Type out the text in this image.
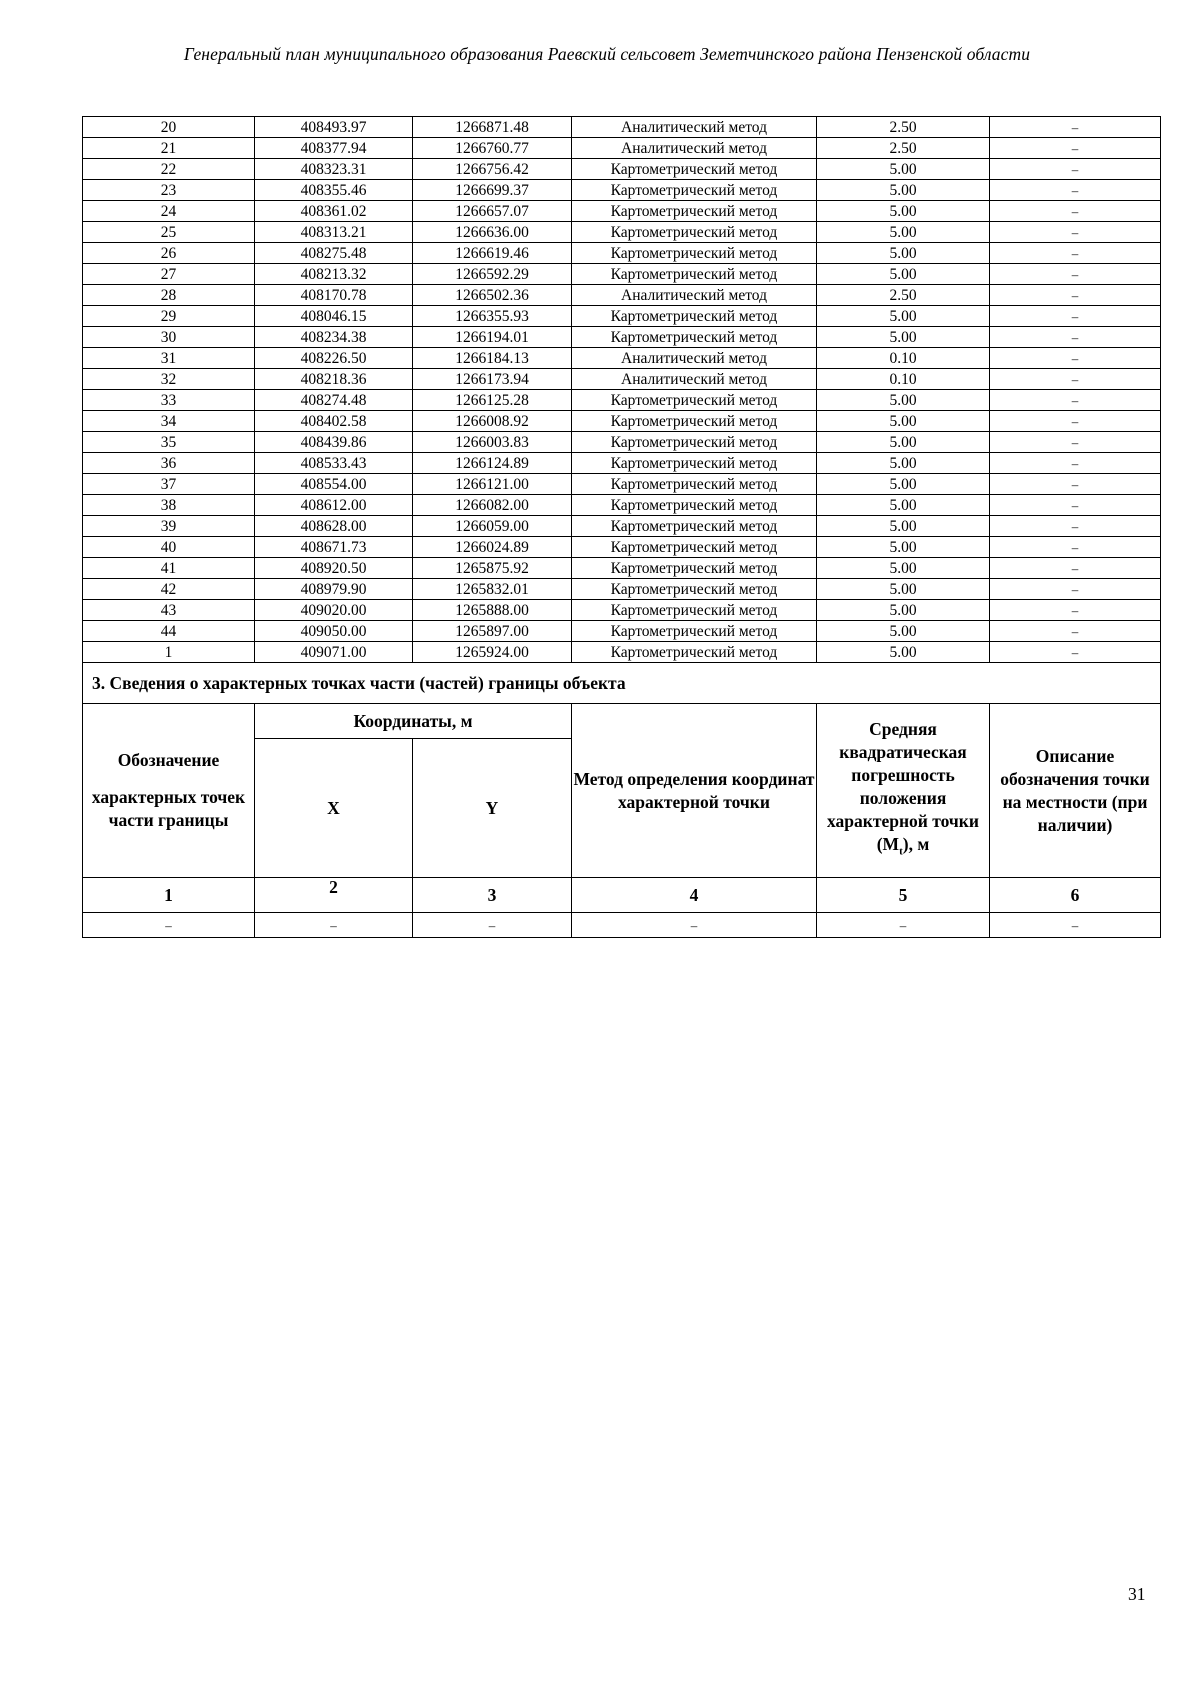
Генеральный план муниципального образования Раевский сельсовет Земетчинского района Пензенской области
20	408493.97	1266871.48	Аналитический метод	2.50	–
21	408377.94	1266760.77	Аналитический метод	2.50	–
22	408323.31	1266756.42	Картометрический метод	5.00	–
23	408355.46	1266699.37	Картометрический метод	5.00	–
24	408361.02	1266657.07	Картометрический метод	5.00	–
25	408313.21	1266636.00	Картометрический метод	5.00	–
26	408275.48	1266619.46	Картометрический метод	5.00	–
27	408213.32	1266592.29	Картометрический метод	5.00	–
28	408170.78	1266502.36	Аналитический метод	2.50	–
29	408046.15	1266355.93	Картометрический метод	5.00	–
30	408234.38	1266194.01	Картометрический метод	5.00	–
31	408226.50	1266184.13	Аналитический метод	0.10	–
32	408218.36	1266173.94	Аналитический метод	0.10	–
33	408274.48	1266125.28	Картометрический метод	5.00	–
34	408402.58	1266008.92	Картометрический метод	5.00	–
35	408439.86	1266003.83	Картометрический метод	5.00	–
36	408533.43	1266124.89	Картометрический метод	5.00	–
37	408554.00	1266121.00	Картометрический метод	5.00	–
38	408612.00	1266082.00	Картометрический метод	5.00	–
39	408628.00	1266059.00	Картометрический метод	5.00	–
40	408671.73	1266024.89	Картометрический метод	5.00	–
41	408920.50	1265875.92	Картометрический метод	5.00	–
42	408979.90	1265832.01	Картометрический метод	5.00	–
43	409020.00	1265888.00	Картометрический метод	5.00	–
44	409050.00	1265897.00	Картометрический метод	5.00	–
1	409071.00	1265924.00	Картометрический метод	5.00	–
3. Сведения о характерных точках части (частей) границы объекта					

Обозначение
характерных точек части границы	Координаты, м		Метод определения координат характерной точки	Средняя квадратическая погрешность положения характерной точки $(M_t)$, м	Описание обозначения точки на местности (при наличии)
	X	Y			
1	2	3	4	5	6
–	–	–	–	–	–
31
